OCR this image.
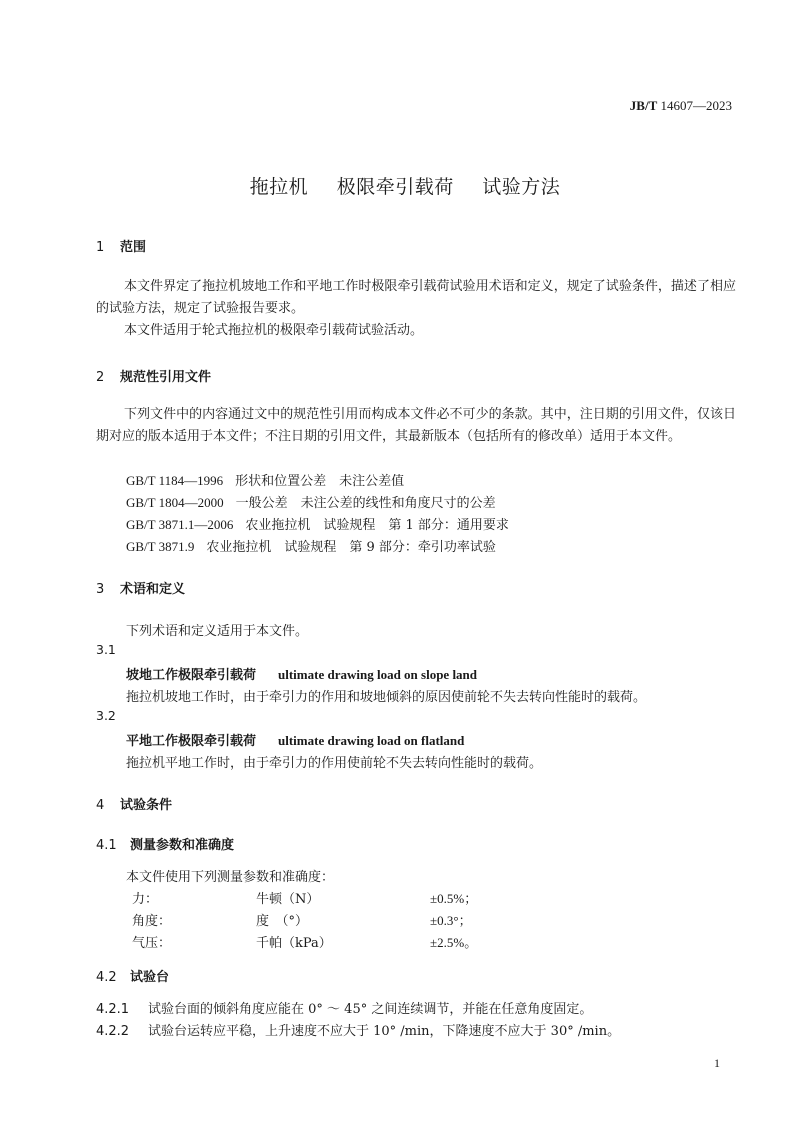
JB/T 14607—2023
拖拉机 极限牵引载荷 试验方法
1 范围

本文件界定了拖拉机坡地工作和平地工作时极限牵引载荷试验用术语和定义，规定了试验条件，描述了相应的试验方法，规定了试验报告要求。

本文件适用于轮式拖拉机的极限牵引载荷试验活动。

2 规范性引用文件

下列文件中的内容通过文中的规范性引用而构成本文件必不可少的条款。其中，注日期的引用文件，仅该日期对应的版本适用于本文件；不注日期的引用文件，其最新版本（包括所有的修改单）适用于本文件。

GB/T 1184—1996 形状和位置公差　未注公差值
GB/T 1804—2000 一般公差　未注公差的线性和角度尺寸的公差
GB/T 3871.1—2006 农业拖拉机　试验规程　第 1 部分：通用要求
GB/T 3871.9 农业拖拉机　试验规程　第 9 部分：牵引功率试验
3 术语和定义
下列术语和定义适用于本文件。
3.1
坡地工作极限牵引载荷 ultimate drawing load on slope land
拖拉机坡地工作时，由于牵引力的作用和坡地倾斜的原因使前轮不失去转向性能时的载荷。
3.2
平地工作极限牵引载荷 ultimate drawing load on flatland
拖拉机平地工作时，由于牵引力的作用使前轮不失去转向性能时的载荷。
4 试验条件
4.1 测量参数和准确度
本文件使用下列测量参数和准确度：
力：	牛顿（N）	±0.5%；
角度：	度　（°）	±0.3°；
气压：	千帕（kPa）	±2.5%。
4.2 试验台
4.2.1 试验台面的倾斜角度应能在 0° ～ 45° 之间连续调节，并能在任意角度固定。
4.2.2 试验台运转应平稳，上升速度不应大于 10° /min，下降速度不应大于 30° /min。
1
